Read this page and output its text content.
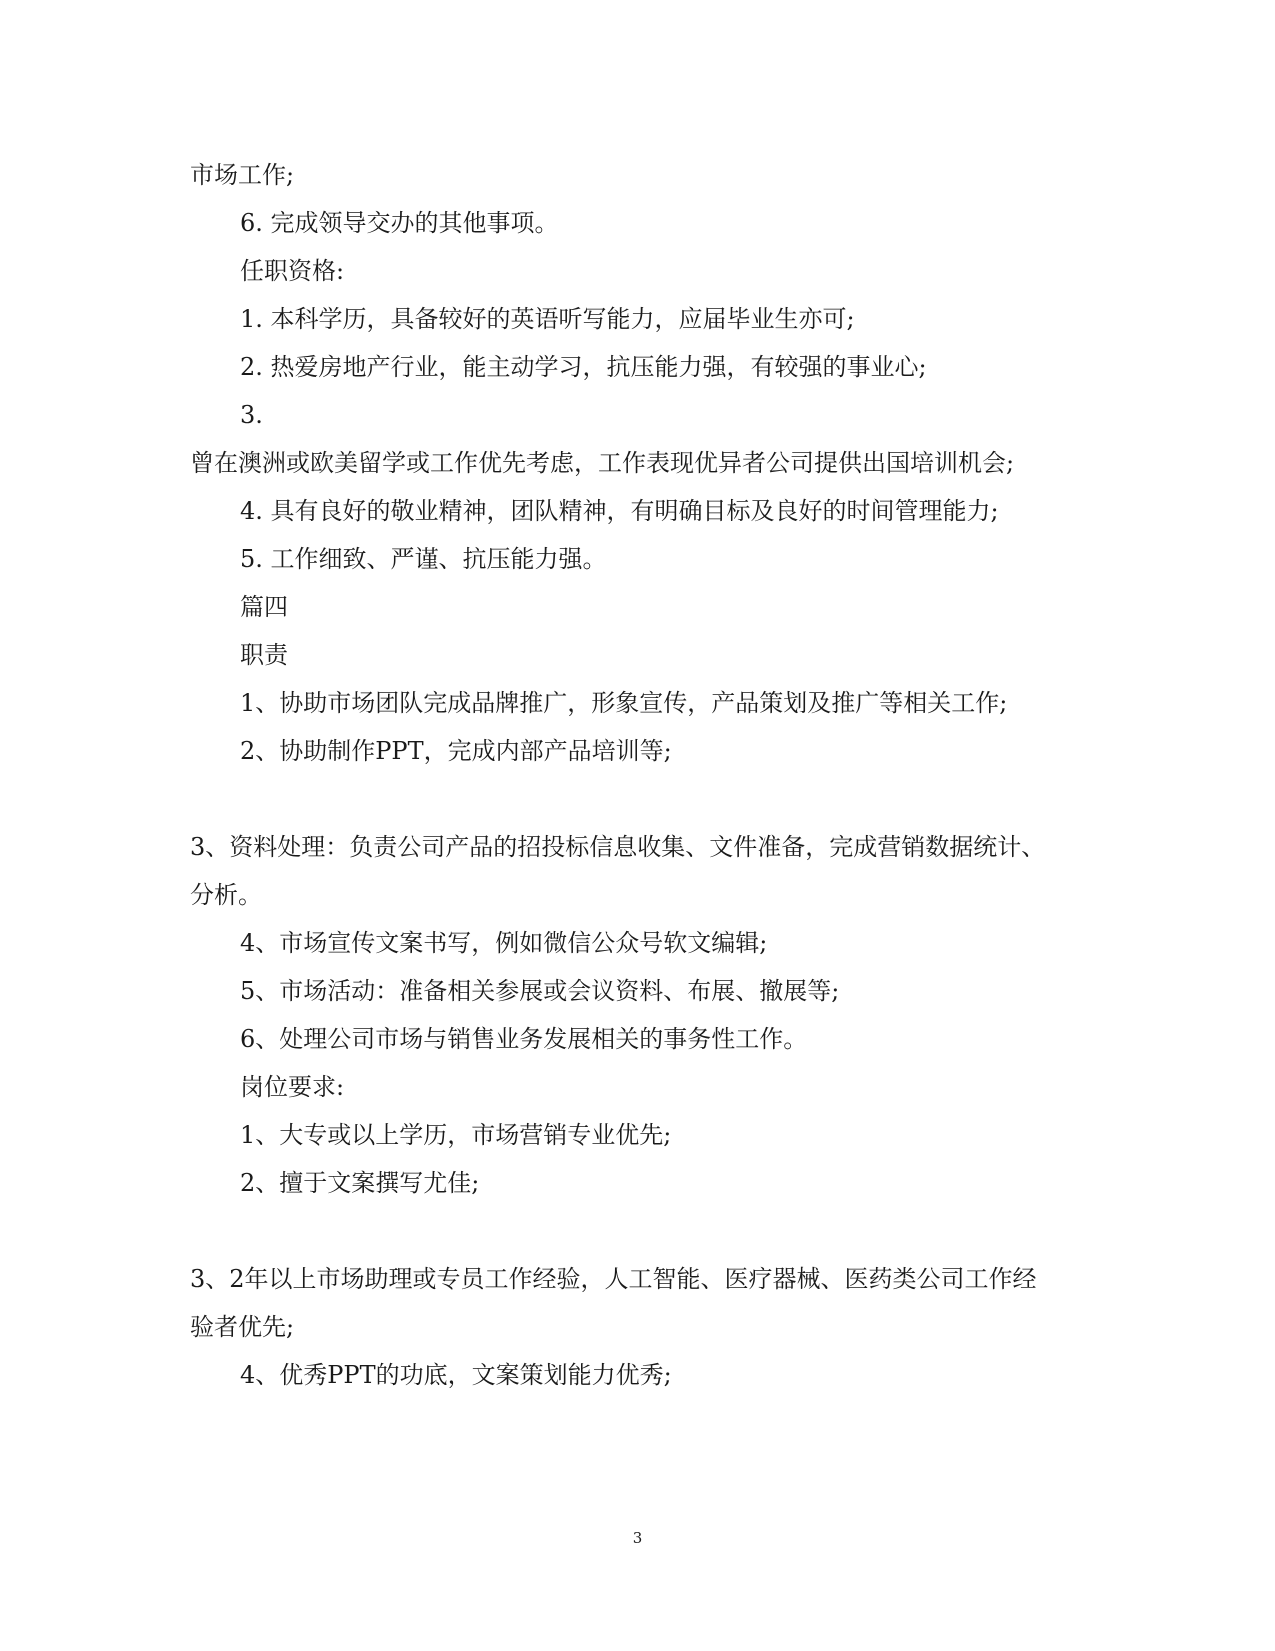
市场工作;
6. 完成领导交办的其他事项。
任职资格:
1. 本科学历，具备较好的英语听写能力，应届毕业生亦可;
2. 热爱房地产行业，能主动学习，抗压能力强，有较强的事业心;
3.
曾在澳洲或欧美留学或工作优先考虑，工作表现优异者公司提供出国培训机会;
4. 具有良好的敬业精神，团队精神，有明确目标及良好的时间管理能力;
5. 工作细致、严谨、抗压能力强。
篇四
职责
1、协助市场团队完成品牌推广，形象宣传，产品策划及推广等相关工作;
2、协助制作PPT，完成内部产品培训等;
3、资料处理：负责公司产品的招投标信息收集、文件准备，完成营销数据统计、
分析。
4、市场宣传文案书写，例如微信公众号软文编辑;
5、市场活动：准备相关参展或会议资料、布展、撤展等;
6、处理公司市场与销售业务发展相关的事务性工作。
岗位要求:
1、大专或以上学历，市场营销专业优先;
2、擅于文案撰写尤佳;
3、2年以上市场助理或专员工作经验，人工智能、医疗器械、医药类公司工作经
验者优先;
4、优秀PPT的功底，文案策划能力优秀;
3
